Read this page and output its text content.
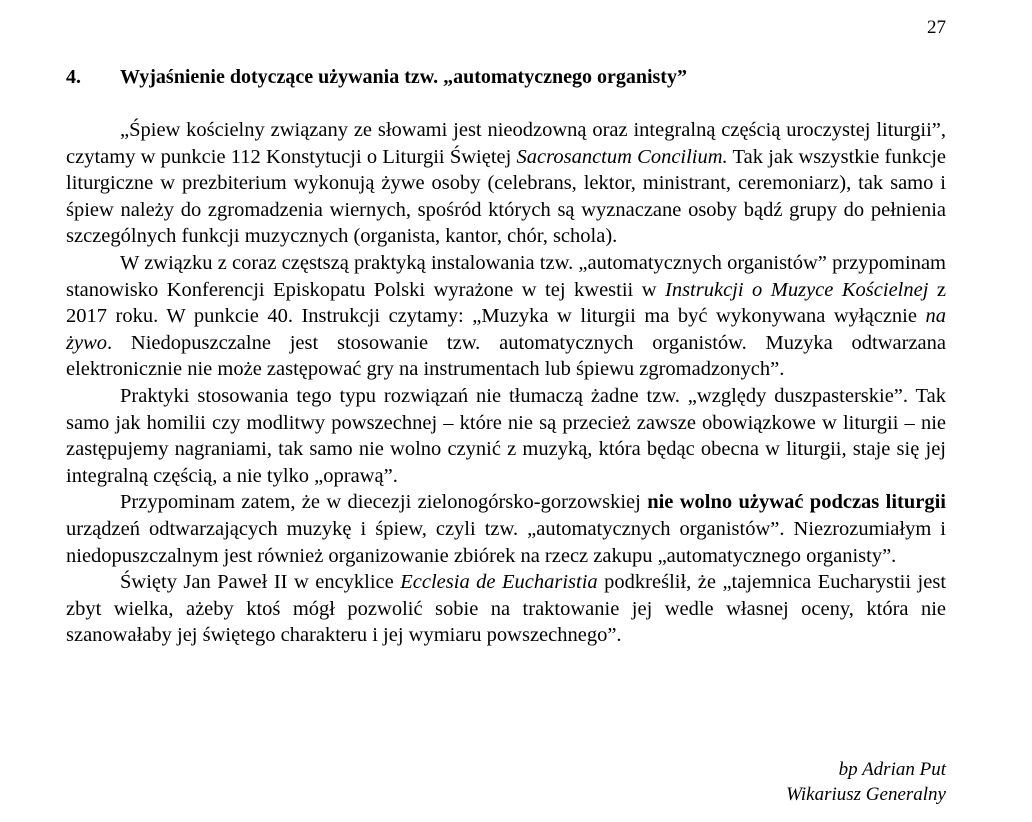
27
4. Wyjaśnienie dotyczące używania tzw. „automatycznego organisty”

„Śpiew kościelny związany ze słowami jest nieodzowną oraz integralną częścią uroczystej liturgii”, czytamy w punkcie 112 Konstytucji o Liturgii Świętej Sacrosanctum Concilium. Tak jak wszystkie funkcje liturgiczne w prezbiterium wykonują żywe osoby (celebrans, lektor, ministrant, ceremoniarz), tak samo i śpiew należy do zgromadzenia wiernych, spośród których są wyznaczane osoby bądź grupy do pełnienia szczególnych funkcji muzycznych (organista, kantor, chór, schola).

W związku z coraz częstszą praktyką instalowania tzw. „automatycznych organistów” przypominam stanowisko Konferencji Episkopatu Polski wyrażone w tej kwestii w Instrukcji o Muzyce Kościelnej z 2017 roku. W punkcie 40. Instrukcji czytamy: „Muzyka w liturgii ma być wykonywana wyłącznie na żywo. Niedopuszczalne jest stosowanie tzw. automatycznych organistów. Muzyka odtwarzana elektronicznie nie może zastępować gry na instrumentach lub śpiewu zgromadzonych”.

Praktyki stosowania tego typu rozwiązań nie tłumaczą żadne tzw. „względy duszpasterskie”. Tak samo jak homilii czy modlitwy powszechnej – które nie są przecież zawsze obowiązkowe w liturgii – nie zastępujemy nagraniami, tak samo nie wolno czynić z muzyką, która będąc obecna w liturgii, staje się jej integralną częścią, a nie tylko „oprawą”.

Przypominam zatem, że w diecezji zielonogórsko-gorzowskiej nie wolno używać podczas liturgii urządzeń odtwarzających muzykę i śpiew, czyli tzw. „automatycznych organistów”. Niezrozumiałym i niedopuszczalnym jest również organizowanie zbiórek na rzecz zakupu „automatycznego organisty”.

Święty Jan Paweł II w encyklice Ecclesia de Eucharistia podkreślił, że „tajemnica Eucharystii jest zbyt wielka, ażeby ktoś mógł pozwolić sobie na traktowanie jej wedle własnej oceny, która nie szanowałaby jej świętego charakteru i jej wymiaru powszechnego”.

bp Adrian Put
Wikariusz Generalny
